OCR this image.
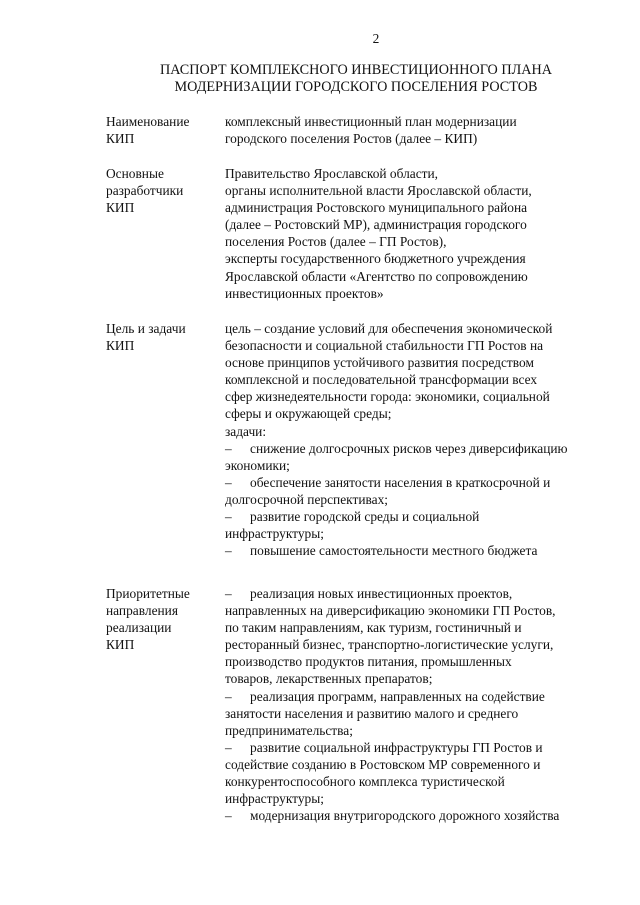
2
ПАСПОРТ КОМПЛЕКСНОГО ИНВЕСТИЦИОННОГО ПЛАНА
МОДЕРНИЗАЦИИ ГОРОДСКОГО ПОСЕЛЕНИЯ РОСТОВ
Наименование
КИП
комплексный инвестиционный план модернизации
городского поселения Ростов (далее – КИП)
Основные
разработчики
КИП
Правительство Ярославской области,
органы исполнительной власти Ярославской области,
администрация Ростовского муниципального района
(далее – Ростовский МР), администрация городского
поселения Ростов (далее – ГП Ростов),
эксперты государственного бюджетного учреждения
Ярославской области «Агентство по сопровождению
инвестиционных проектов»
Цель и задачи
КИП
цель – создание условий для обеспечения экономической
безопасности и социальной стабильности ГП Ростов на
основе принципов устойчивого развития посредством
комплексной и последовательной трансформации всех
сфер жизнедеятельности города: экономики, социальной
сферы и окружающей среды;
задачи:
– снижение долгосрочных рисков через диверсификацию
экономики;
– обеспечение занятости населения в краткосрочной и
долгосрочной перспективах;
– развитие городской среды и социальной
инфраструктуры;
– повышение самостоятельности местного бюджета
Приоритетные
направления
реализации
КИП
– реализация новых инвестиционных проектов,
направленных на диверсификацию экономики ГП Ростов,
по таким направлениям, как туризм, гостиничный и
ресторанный бизнес, транспортно-логистические услуги,
производство продуктов питания, промышленных
товаров, лекарственных препаратов;
– реализация программ, направленных на содействие
занятости населения и развитию малого и среднего
предпринимательства;
– развитие социальной инфраструктуры ГП Ростов и
содействие созданию в Ростовском МР современного и
конкурентоспособного комплекса туристической
инфраструктуры;
– модернизация внутригородского дорожного хозяйства
